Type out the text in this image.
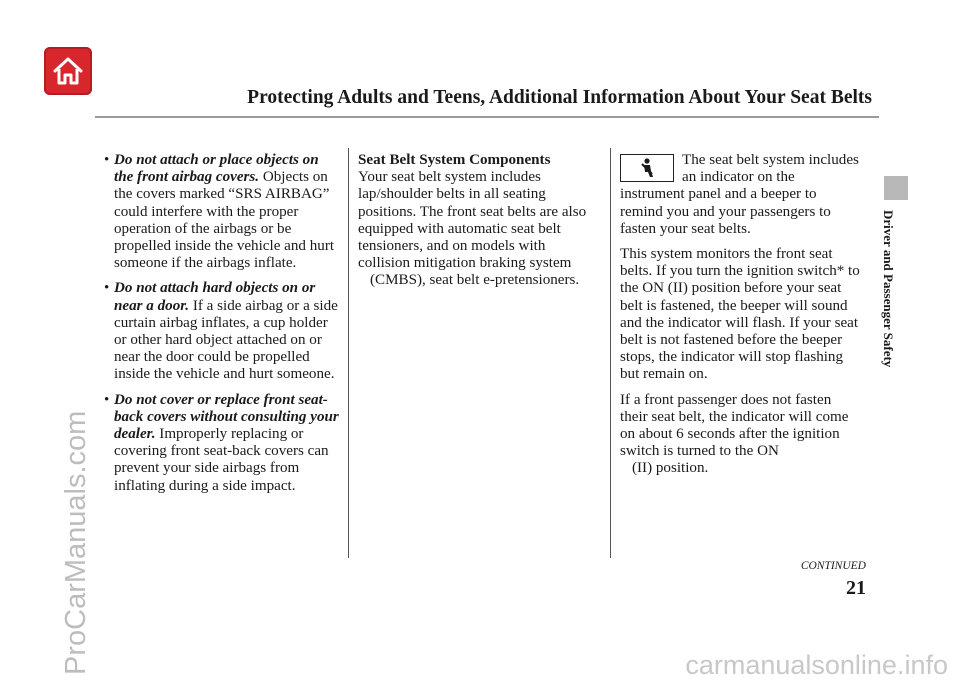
Protecting Adults and Teens, Additional Information About Your Seat Belts
Driver and Passenger Safety
• Do not attach or place objects on the front airbag covers. Objects on the covers marked “SRS AIRBAG” could interfere with the proper operation of the airbags or be propelled inside the vehicle and hurt someone if the airbags inflate.
• Do not attach hard objects on or near a door. If a side airbag or a side curtain airbag inflates, a cup holder or other hard object attached on or near the door could be propelled inside the vehicle and hurt someone.
• Do not cover or replace front seat-back covers without consulting your dealer. Improperly replacing or covering front seat-back covers can prevent your side airbags from inflating during a side impact.
Seat Belt System Components
Your seat belt system includes lap/shoulder belts in all seating positions. The front seat belts are also equipped with automatic seat belt tensioners, and on models with collision mitigation braking system
(CMBS), seat belt e-pretensioners.

The seat belt system includes an indicator on the instrument panel and a beeper to remind you and your passengers to fasten your seat belts.

This system monitors the front seat belts. If you turn the ignition switch* to the ON (II) position before your seat belt is fastened, the beeper will sound and the indicator will flash. If your seat belt is not fastened before the beeper stops, the indicator will stop flashing but remain on.

If a front passenger does not fasten their seat belt, the indicator will come on about 6 seconds after the ignition switch is turned to the ON
(II) position.

CONTINUED
21
ProCarManuals.com	carmanualsonline.info
